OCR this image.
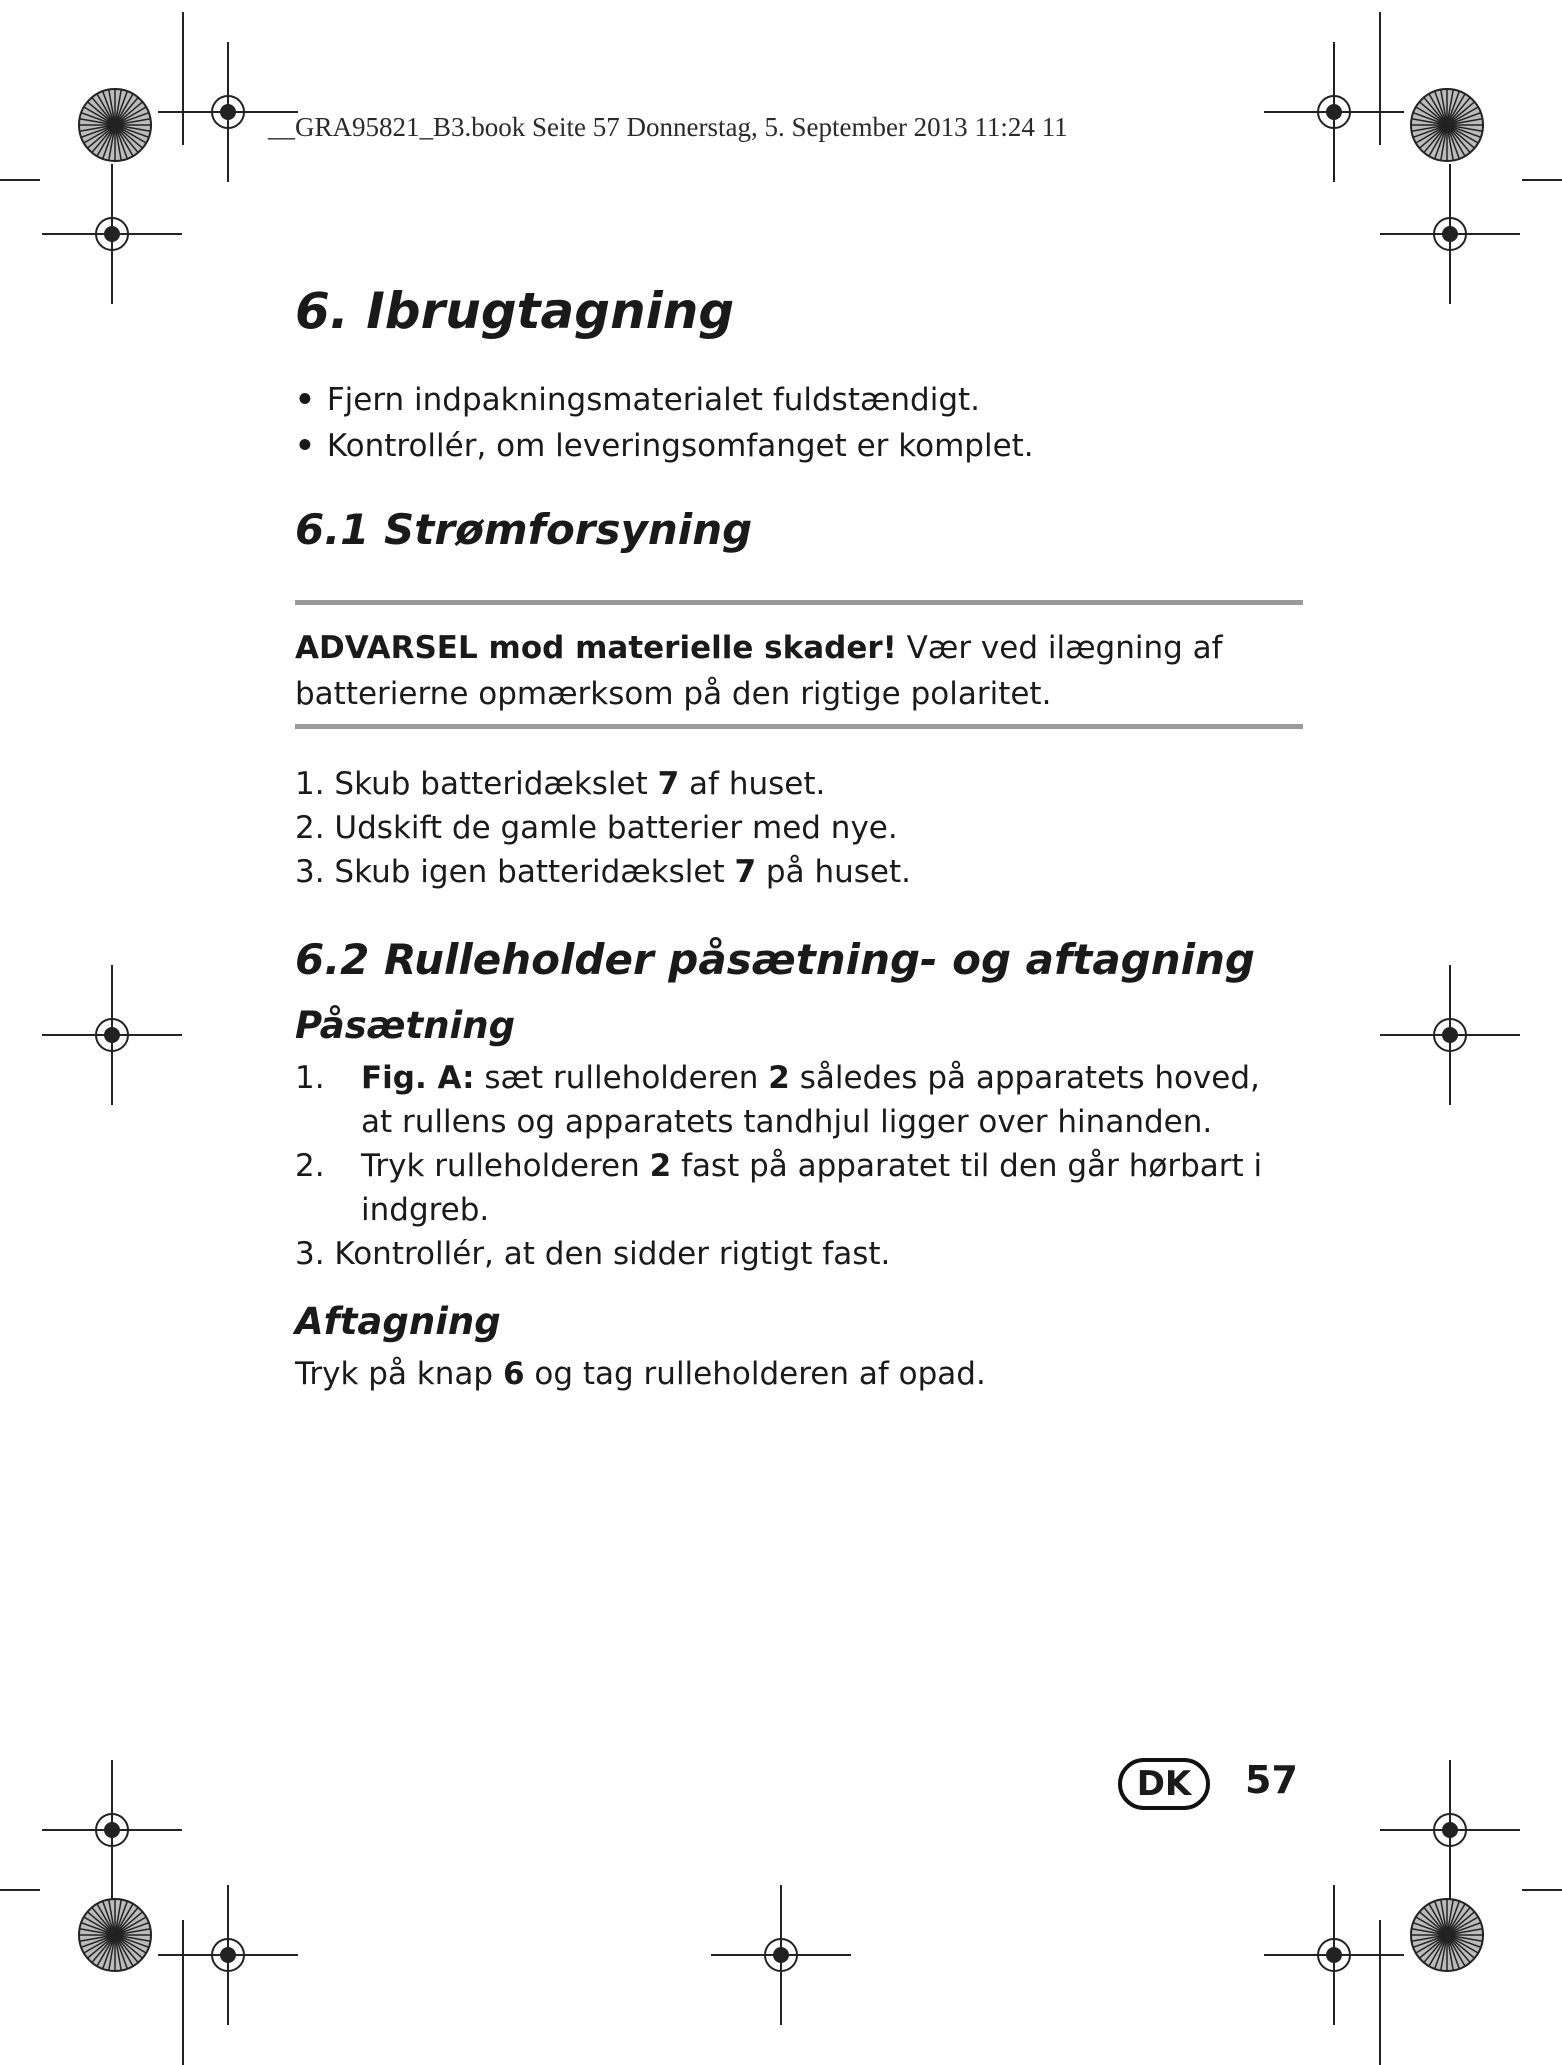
__GRA95821_B3.book Seite 57 Donnerstag, 5. September 2013 11:24 11
6. Ibrugtagning
• Fjern indpakningsmaterialet fuldstændigt.
• Kontrollér, om leveringsomfanget er komplet.
6.1 Strømforsyning
ADVARSEL mod materielle skader! Vær ved ilægning af
batterierne opmærksom på den rigtige polaritet.
1. Skub batteridækslet 7 af huset.
2. Udskift de gamle batterier med nye.
3. Skub igen batteridækslet 7 på huset.
6.2 Rulleholder påsætning- og aftagning
Påsætning
1. Fig. A: sæt rulleholderen 2 således på apparatets hoved,
at rullens og apparatets tandhjul ligger over hinanden.
2. Tryk rulleholderen 2 fast på apparatet til den går hørbart i
indgreb.
3. Kontrollér, at den sidder rigtigt fast.
Aftagning
Tryk på knap 6 og tag rulleholderen af opad.
DK	57
